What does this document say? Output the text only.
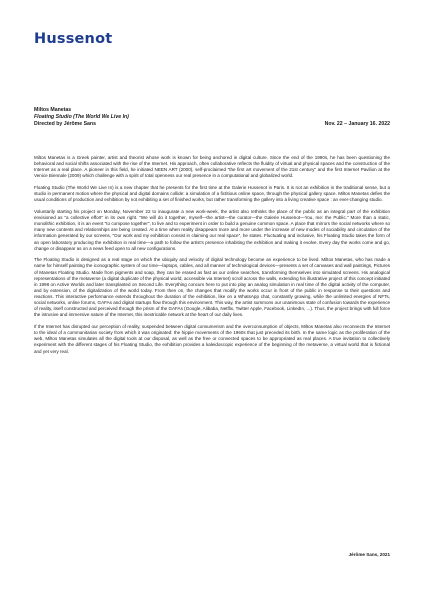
Hussenot
Miltos Manetas
Floating Studio (The World We Live In)
Directed by Jérôme Sans	Nov. 22 – January 16. 2022

Miltos Manetas is a Greek painter, artist and theorist whose work is known for being anchored in digital culture. Since the end of the 1990s, he has been questioning the behavioral and social shifts associated with the rise of the Internet. His approach, often collaborative reflects the fluidity of virtual and physical spaces and the construction of the Internet as a real place. A pioneer in this field, he initiated NEEN ART (2000), self-proclaimed "the first art movement of the 21st century" and the first Internet Pavilion at the Venice Biennale (2009) which challenge with a spirit of total openness our real presence in a computational and globalized world.

Floating Studio (The World We Live In) is a new chapter that he presents for the first time at the Galerie Hussenot in Paris. It is not an exhibition in the traditional sense, but a studio in permanent motion where the physical and digital domains collide: a simulation of a fictitious online space, through the physical gallery space. Miltos Manetas defies the usual conditions of production and exhibition by not exhibiting a set of finished works, but rather transforming the gallery into a living creative space : an ever-changing studio.

Voluntarily starting his project on Monday, November 22 to inaugurate a new work-week, the artist also rethinks the place of the public as an integral part of the exhibition envisioned as "a collective effort" in its own right. "We will do it together, myself—the artist—the curator—the Galerie Hussenot—You, me: the Public." More than a static, monolithic exhibition, it is an event "to compose together", to live and to experiment in order to build a genuine common space. A place that mirrors the social networks where so many new contents and relationships are being created. At a time when reality disappears more and more under the increase of new modes of sociability and circulation of the information generated by our screens, "Our work and my exhibition consist in claiming our real space", he states. Fluctuating and inclusive, his Floating Studio takes the form of an open laboratory producing the exhibition in real time—a path to follow the artist's presence inhabiting the exhibition and making it evolve. Every day the works come and go, change or disappear as on a news feed open to all new configurations.

The Floating Studio is designed as a real stage on which the ubiquity and velocity of digital technology become an experience to be lived. Miltos Manetas, who has made a name for himself painting the iconographic system of our time—laptops, cables, and all manner of technological devices—presents a set of canvases and wall paintings, Pictures of Manetas Floating Studio. Made from pigments and soap, they can be erased as fast as our online searches, transforming themselves into simulated screens. His analogical representations of the metaverse (a digital duplicate of the physical world, accessible via Internet) scroll across the walls, extending his illustrative project of this concept initiated in 1998 on Active Worlds and later transplanted on Second Life. Everything concurs here to put into play an analog simulation in real time of the digital activity of the computer, and by extension, of the digitalization of the world today. From then on, the changes that modify the works occur in front of the public in response to their questions and reactions. This interactive performance extends throughout the duration of the exhibition, like on a WhatsApp chat, constantly growing, while the unlimited energies of NFTs, social networks, online forums, GAFAs and digital startups flow through this environment. This way, the artist summons our unanimous state of confusion towards the experience of reality, itself constructed and perceived through the prism of the GAFAs (Google, Alibaba, Netflix, Twitter Apple, Facebook, LinkedIn, ...). Thus, the project brings with full force the intrusive and immersive nature of the Internet, this inextricable network at the heart of our daily lives.

If the Internet has disrupted our perception of reality, suspended between digital consumerism and the overconsumption of objects, Miltos Manetas also reconnects the Internet to the ideal of a communitarian society from which it was originated: the hippie movements of the 1960s that just preceded its birth. In the same logic as the proliferation of the web, Miltos Manetas simulates all the digital tools at our disposal, as well as the free or connected spaces to be appropriated as real places. A true invitation to collectively experiment with the different stages of his Floating Studio, the exhibition provides a kaleidoscopic experience of the beginning of the metaverse, a virtual world that is fictional and yet very real.

Jérôme Sans, 2021
